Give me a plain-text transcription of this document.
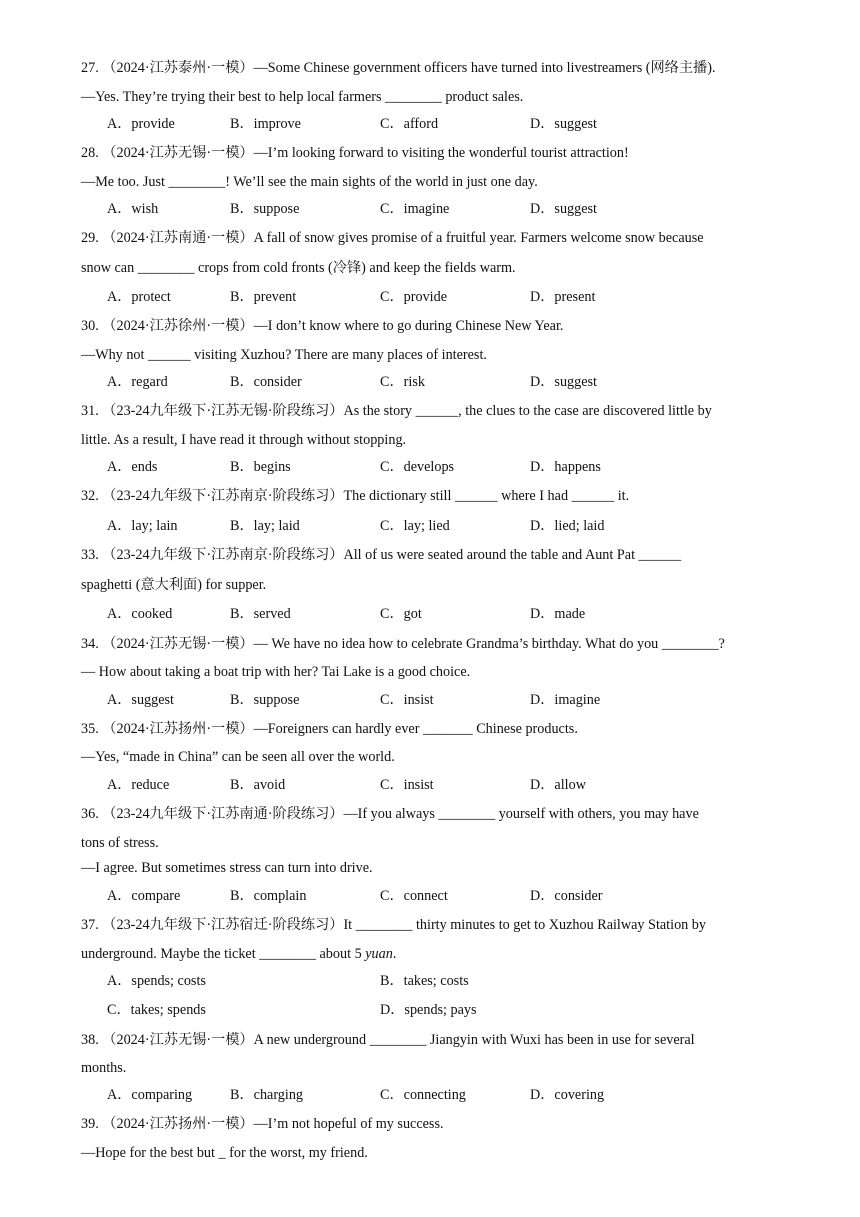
27. （2024·江苏泰州·一模）—Some Chinese government officers have turned into livestreamers (网络主播).
—Yes. They’re trying their best to help local farmers ________ product sales.
A．provide	B．improve	C．afford	D．suggest
28. （2024·江苏无锡·一模）—I’m looking forward to visiting the wonderful tourist attraction!
—Me too. Just ________! We’ll see the main sights of the world in just one day.
A．wish	B．suppose	C．imagine	D．suggest
29. （2024·江苏南通·一模）A fall of snow gives promise of a fruitful year. Farmers welcome snow because
snow can ________ crops from cold fronts (冷锋) and keep the fields warm.
A．protect	B．prevent	C．provide	D．present
30. （2024·江苏徐州·一模）—I don’t know where to go during Chinese New Year.
—Why not ______ visiting Xuzhou? There are many places of interest.
A．regard	B．consider	C．risk	D．suggest
31. （23-24九年级下·江苏无锡·阶段练习）As the story ______, the clues to the case are discovered little by
little. As a result, I have read it through without stopping.
A．ends	B．begins	C．develops	D．happens
32. （23-24九年级下·江苏南京·阶段练习）The dictionary still ______ where I had ______ it.
A．lay; lain	B．lay; laid	C．lay; lied	D．lied; laid
33. （23-24九年级下·江苏南京·阶段练习）All of us were seated around the table and Aunt Pat ______
spaghetti (意大利面) for supper.
A．cooked	B．served	C．got	D．made
34. （2024·江苏无锡·一模）— We have no idea how to celebrate Grandma’s birthday. What do you ________?
— How about taking a boat trip with her? Tai Lake is a good choice.
A．suggest	B．suppose	C．insist	D．imagine
35. （2024·江苏扬州·一模）—Foreigners can hardly ever _______ Chinese products.
—Yes, “made in China” can be seen all over the world.
A．reduce	B．avoid	C．insist	D．allow
36. （23-24九年级下·江苏南通·阶段练习）—If you always ________ yourself with others, you may have
tons of stress.
—I agree. But sometimes stress can turn into drive.
A．compare	B．complain	C．connect	D．consider
37. （23-24九年级下·江苏宿迁·阶段练习）It ________ thirty minutes to get to Xuzhou Railway Station by
underground. Maybe the ticket ________ about 5 yuan.
A．spends; costs	B．takes; costs
C．takes; spends	D．spends; pays
38. （2024·江苏无锡·一模）A new underground ________ Jiangyin with Wuxi has been in use for several
months.
A．comparing	B．charging	C．connecting	D．covering
39. （2024·江苏扬州·一模）—I’m not hopeful of my success.
—Hope for the best but _ for the worst, my friend.
